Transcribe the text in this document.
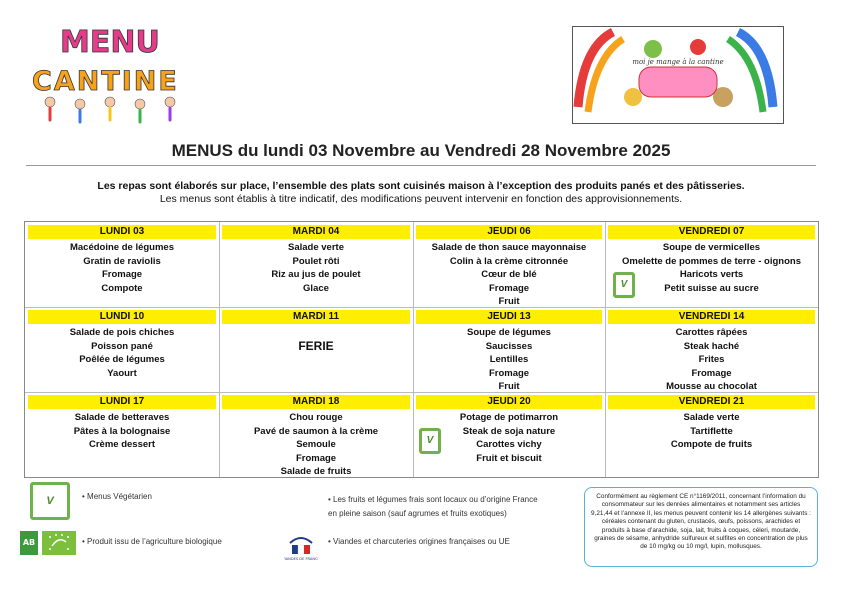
MENU
CANTINE
moi je mange à la cantine
MENUS du lundi 03 Novembre au Vendredi 28 Novembre 2025
Les repas sont élaborés sur place, l’ensemble des plats sont cuisinés maison à l’exception des produits panés et des pâtisseries.
Les menus sont établis à titre indicatif, des modifications peuvent intervenir en fonction des approvisionnements.
LUNDI 03
Macédoine de légumes
Gratin de raviolis
Fromage
Compote
MARDI 04
Salade verte
Poulet rôti
Riz au jus de poulet
Glace
JEUDI 06
Salade de thon sauce mayonnaise
Colin à la crème citronnée
Cœur de blé
Fromage
Fruit
VENDREDI 07
Soupe de vermicelles
Omelette de pommes de terre - oignons
Haricots verts
Petit suisse au sucre
V
LUNDI 10
Salade de pois chiches
Poisson pané
Poêlée de légumes
Yaourt
MARDI 11
FERIE
JEUDI 13
Soupe de légumes
Saucisses
Lentilles
Fromage
Fruit
VENDREDI 14
Carottes râpées
Steak haché
Frites
Fromage
Mousse au chocolat
LUNDI 17
Salade de betteraves
Pâtes à la bolognaise
Crème dessert
MARDI 18
Chou rouge
Pavé de saumon à la crème
Semoule
Fromage
Salade de fruits
JEUDI 20
Potage de potimarron
Steak de soja nature
Carottes vichy
Fruit et biscuit
V
VENDREDI 21
Salade verte
Tartiflette
Compote de fruits
V	• Menus Végétarien
AB	• Produit issu de l’agriculture biologique
• Les fruits et légumes frais sont locaux ou d’origine France
en pleine saison (sauf agrumes et fruits exotiques)
VIANDES DE FRANCE
• Viandes et charcuteries origines françaises ou UE
Conformément au règlement CE n°1169/2011, concernant l’information du consommateur sur les denrées alimentaires et notamment ses articles 9,21,44 et l’annexe II, les menus peuvent contenir les 14 allergènes suivants : céréales contenant du gluten, crustacés, œufs, poissons, arachides et produits à base d’arachide, soja, lait, fruits à coques, céleri, moutarde, graines de sésame, anhydride sulfureux et sulfites en concentration de plus de 10 mg/kg ou 10 mg/l, lupin, mollusques.
